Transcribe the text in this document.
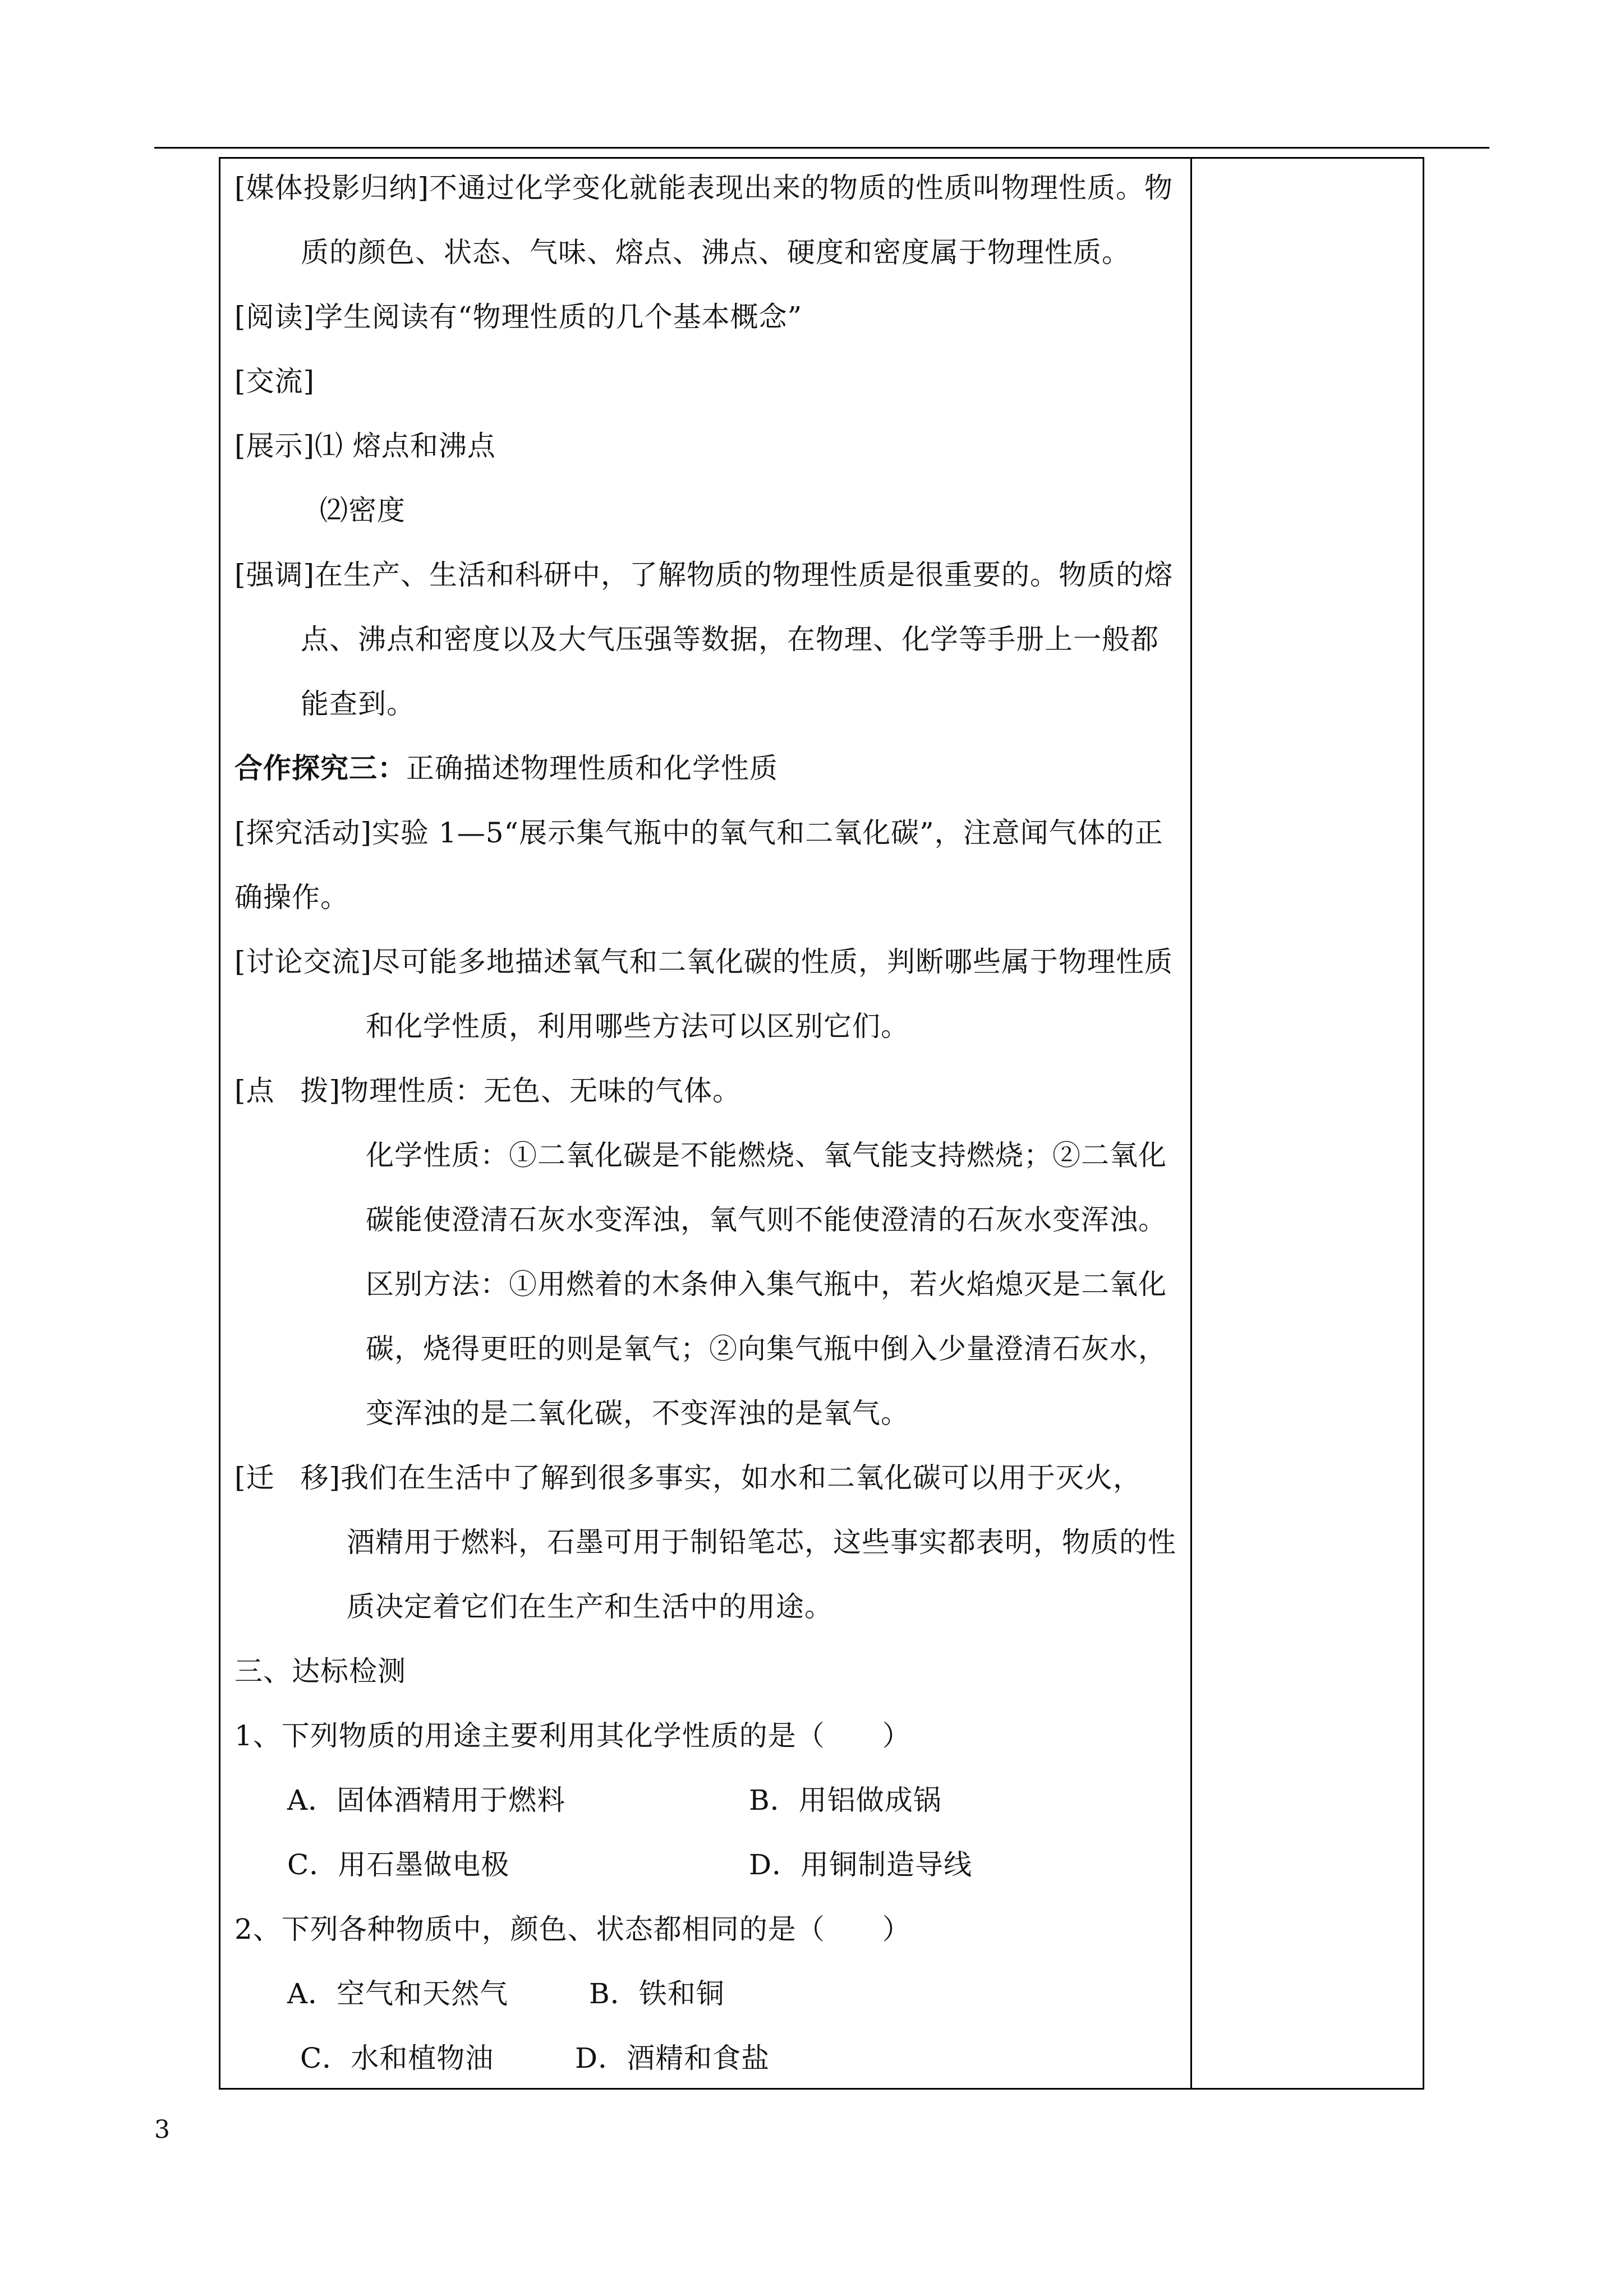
[媒体投影归纳]不通过化学变化就能表现出来的物质的性质叫物理性质。物
质的颜色、状态、气味、熔点、沸点、硬度和密度属于物理性质。
[阅读]学生阅读有“物理性质的几个基本概念”
[交流]
[展示]⑴ 熔点和沸点
⑵密度
[强调]在生产、生活和科研中，了解物质的物理性质是很重要的。物质的熔
点、沸点和密度以及大气压强等数据，在物理、化学等手册上一般都
能查到。
合作探究三：正确描述物理性质和化学性质
[探究活动]实验 1—5“展示集气瓶中的氧气和二氧化碳”，注意闻气体的正
确操作。
[讨论交流]尽可能多地描述氧气和二氧化碳的性质，判断哪些属于物理性质
和化学性质，利用哪些方法可以区别它们。
[点 拨]物理性质：无色、无味的气体。
化学性质：①二氧化碳是不能燃烧、氧气能支持燃烧；②二氧化
碳能使澄清石灰水变浑浊，氧气则不能使澄清的石灰水变浑浊。
区别方法：①用燃着的木条伸入集气瓶中，若火焰熄灭是二氧化
碳，烧得更旺的则是氧气；②向集气瓶中倒入少量澄清石灰水，
变浑浊的是二氧化碳，不变浑浊的是氧气。
[迁 移]我们在生活中了解到很多事实，如水和二氧化碳可以用于灭火，
酒精用于燃料，石墨可用于制铅笔芯，这些事实都表明，物质的性
质决定着它们在生产和生活中的用途。
三、达标检测
1、下列物质的用途主要利用其化学性质的是（　　）
A．固体酒精用于燃料	B．用铝做成锅
C．用石墨做电极	D．用铜制造导线
2、下列各种物质中，颜色、状态都相同的是（　　）
A．空气和天然气	B．铁和铜
C．水和植物油	D．酒精和食盐
3
